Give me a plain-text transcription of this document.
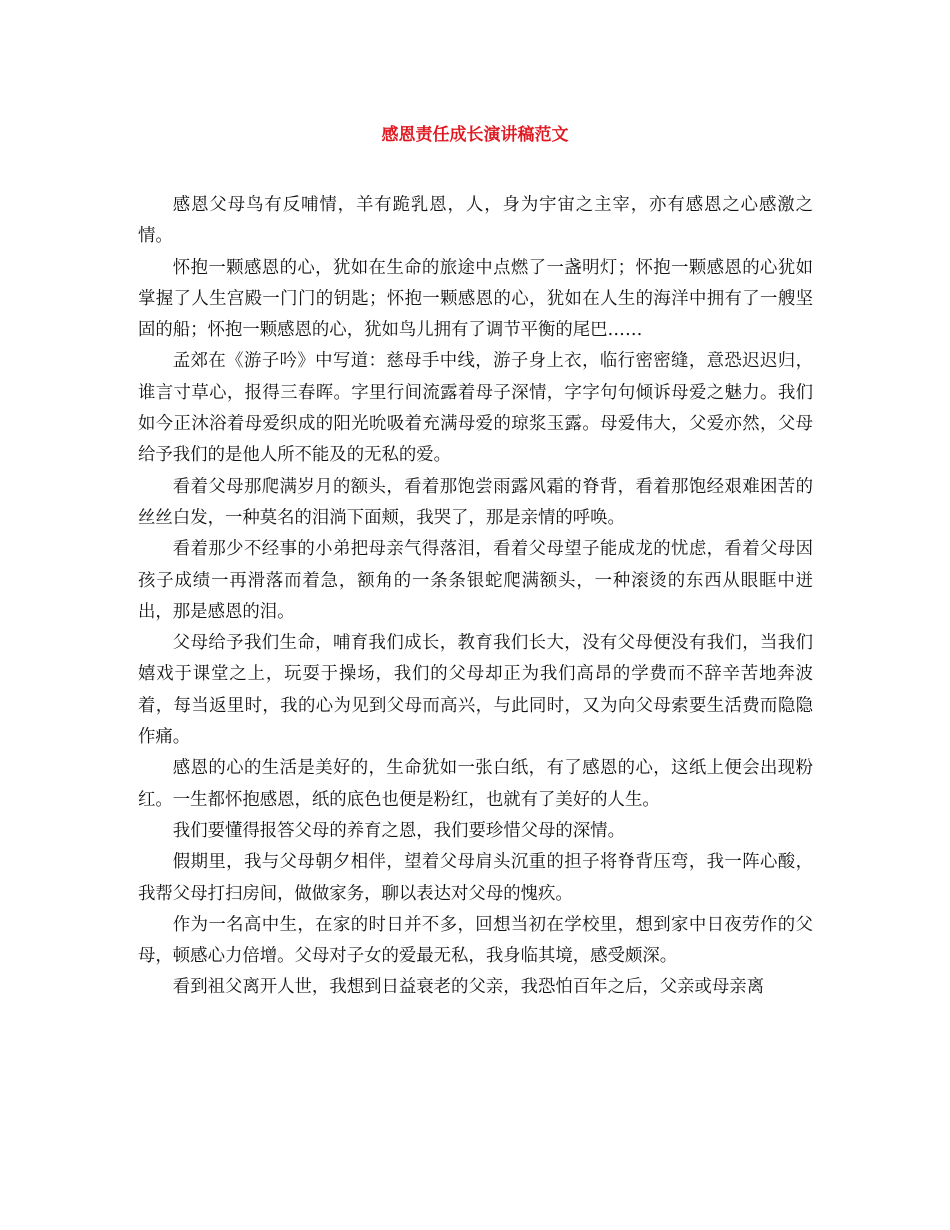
感恩责任成长演讲稿范文

感恩父母鸟有反哺情，羊有跪乳恩，人，身为宇宙之主宰，亦有感恩之心感激之情。

怀抱一颗感恩的心，犹如在生命的旅途中点燃了一盏明灯；怀抱一颗感恩的心犹如掌握了人生宫殿一门门的钥匙；怀抱一颗感恩的心，犹如在人生的海洋中拥有了一艘坚固的船；怀抱一颗感恩的心，犹如鸟儿拥有了调节平衡的尾巴……

孟郊在《游子吟》中写道：慈母手中线，游子身上衣，临行密密缝，意恐迟迟归，谁言寸草心，报得三春晖。字里行间流露着母子深情，字字句句倾诉母爱之魅力。我们如今正沐浴着母爱织成的阳光吮吸着充满母爱的琼浆玉露。母爱伟大，父爱亦然，父母给予我们的是他人所不能及的无私的爱。

看着父母那爬满岁月的额头，看着那饱尝雨露风霜的脊背，看着那饱经艰难困苦的丝丝白发，一种莫名的泪淌下面颊，我哭了，那是亲情的呼唤。

看着那少不经事的小弟把母亲气得落泪，看着父母望子能成龙的忧虑，看着父母因孩子成绩一再滑落而着急，额角的一条条银蛇爬满额头，一种滚烫的东西从眼眶中迸出，那是感恩的泪。

父母给予我们生命，哺育我们成长，教育我们长大，没有父母便没有我们，当我们嬉戏于课堂之上，玩耍于操场，我们的父母却正为我们高昂的学费而不辞辛苦地奔波着，每当返里时，我的心为见到父母而高兴，与此同时，又为向父母索要生活费而隐隐作痛。

感恩的心的生活是美好的，生命犹如一张白纸，有了感恩的心，这纸上便会出现粉红。一生都怀抱感恩，纸的底色也便是粉红，也就有了美好的人生。

我们要懂得报答父母的养育之恩，我们要珍惜父母的深情。

假期里，我与父母朝夕相伴，望着父母肩头沉重的担子将脊背压弯，我一阵心酸，我帮父母打扫房间，做做家务，聊以表达对父母的愧疚。

作为一名高中生，在家的时日并不多，回想当初在学校里，想到家中日夜劳作的父母，顿感心力倍增。父母对子女的爱最无私，我身临其境，感受颇深。

看到祖父离开人世，我想到日益衰老的父亲，我恐怕百年之后，父亲或母亲离
